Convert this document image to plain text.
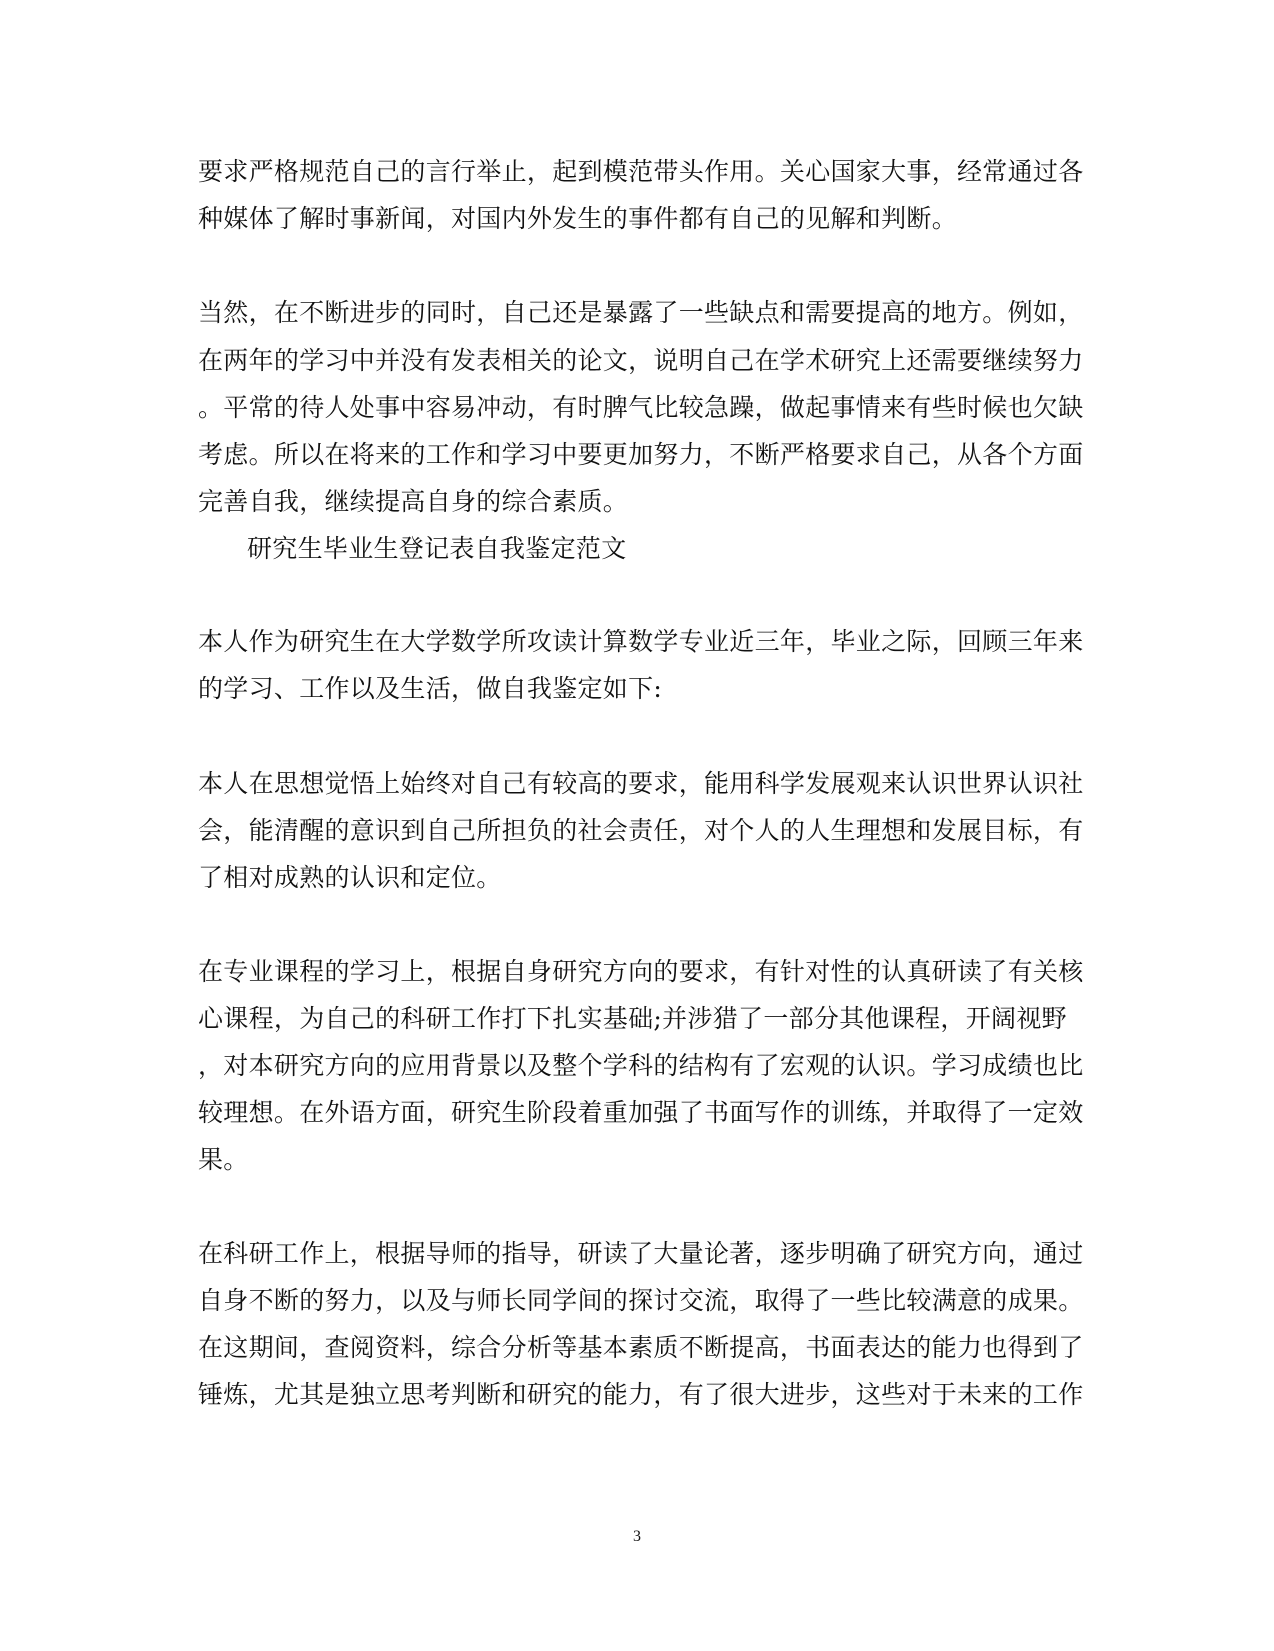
要求严格规范自己的言行举止，起到模范带头作用。关心国家大事，经常通过各
种媒体了解时事新闻，对国内外发生的事件都有自己的见解和判断。
当然，在不断进步的同时，自己还是暴露了一些缺点和需要提高的地方。例如，
在两年的学习中并没有发表相关的论文，说明自己在学术研究上还需要继续努力
。平常的待人处事中容易冲动，有时脾气比较急躁，做起事情来有些时候也欠缺
考虑。所以在将来的工作和学习中要更加努力，不断严格要求自己，从各个方面
完善自我，继续提高自身的综合素质。
研究生毕业生登记表自我鉴定范文
本人作为研究生在大学数学所攻读计算数学专业近三年，毕业之际，回顾三年来
的学习、工作以及生活，做自我鉴定如下:
本人在思想觉悟上始终对自己有较高的要求，能用科学发展观来认识世界认识社
会，能清醒的意识到自己所担负的社会责任，对个人的人生理想和发展目标，有
了相对成熟的认识和定位。
在专业课程的学习上，根据自身研究方向的要求，有针对性的认真研读了有关核
心课程，为自己的科研工作打下扎实基础;并涉猎了一部分其他课程，开阔视野
，对本研究方向的应用背景以及整个学科的结构有了宏观的认识。学习成绩也比
较理想。在外语方面，研究生阶段着重加强了书面写作的训练，并取得了一定效
果。
在科研工作上，根据导师的指导，研读了大量论著，逐步明确了研究方向，通过
自身不断的努力，以及与师长同学间的探讨交流，取得了一些比较满意的成果。
在这期间，查阅资料，综合分析等基本素质不断提高，书面表达的能力也得到了
锤炼，尤其是独立思考判断和研究的能力，有了很大进步，这些对于未来的工作
3
